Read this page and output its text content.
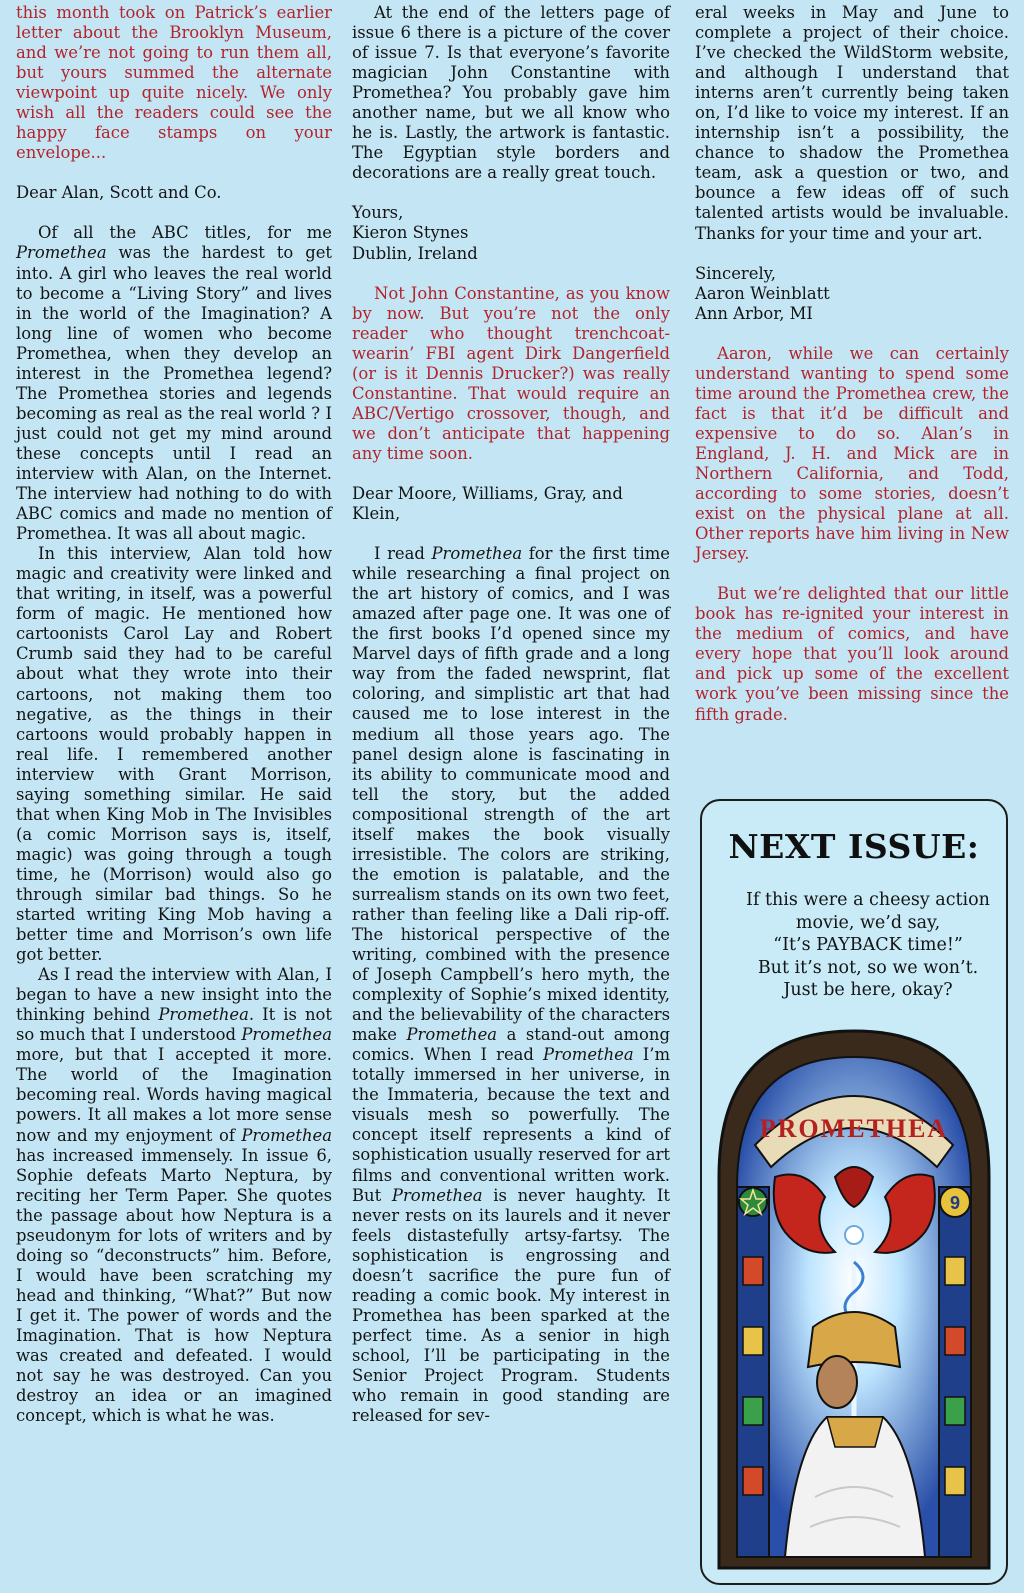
this month took on Patrick’s earlier letter about the Brooklyn Museum, and we’re not going to run them all, but yours summed the alternate viewpoint up quite nicely. We only wish all the readers could see the happy face stamps on your envelope...

Dear Alan, Scott and Co.

Of all the ABC titles, for me Promethea was the hardest to get into. A girl who leaves the real world to become a “Living Story” and lives in the world of the Imagination? A long line of women who become Promethea, when they develop an interest in the Promethea legend? The Promethea stories and legends becoming as real as the real world ? I just could not get my mind around these concepts until I read an interview with Alan, on the Internet. The interview had nothing to do with ABC comics and made no mention of Promethea. It was all about magic.

In this interview, Alan told how magic and creativity were linked and that writing, in itself, was a powerful form of magic. He mentioned how cartoonists Carol Lay and Robert Crumb said they had to be careful about what they wrote into their cartoons, not making them too negative, as the things in their cartoons would probably happen in real life. I remembered another interview with Grant Morrison, saying something similar. He said that when King Mob in The Invisibles (a comic Morrison says is, itself, magic) was going through a tough time, he (Morrison) would also go through similar bad things. So he started writing King Mob having a better time and Morrison’s own life got better.

As I read the interview with Alan, I began to have a new insight into the thinking behind Promethea. It is not so much that I understood Promethea more, but that I accepted it more. The world of the Imagination becoming real. Words having magical powers. It all makes a lot more sense now and my enjoyment of Promethea has increased immensely. In issue 6, Sophie defeats Marto Neptura, by reciting her Term Paper. She quotes the passage about how Neptura is a pseudonym for lots of writers and by doing so “deconstructs” him. Before, I would have been scratching my head and thinking, “What?” But now I get it. The power of words and the Imagination. That is how Neptura was created and defeated. I would not say he was destroyed. Can you destroy an idea or an imagined concept, which is what he was.

At the end of the letters page of issue 6 there is a picture of the cover of issue 7. Is that everyone’s favorite magician John Constantine with Promethea? You probably gave him another name, but we all know who he is. Lastly, the artwork is fantastic. The Egyptian style borders and decorations are a really great touch.

Yours,

Kieron Stynes

Dublin, Ireland

Not John Constantine, as you know by now. But you’re not the only reader who thought trenchcoat-wearin’ FBI agent Dirk Dangerfield (or is it Dennis Drucker?) was really Constantine. That would require an ABC/Vertigo crossover, though, and we don’t anticipate that happening any time soon.

Dear Moore, Williams, Gray, and Klein,

I read Promethea for the first time while researching a final project on the art history of comics, and I was amazed after page one. It was one of the first books I’d opened since my Marvel days of fifth grade and a long way from the faded newsprint, flat coloring, and simplistic art that had caused me to lose interest in the medium all those years ago. The panel design alone is fascinating in its ability to communicate mood and tell the story, but the added compositional strength of the art itself makes the book visually irresistible. The colors are striking, the emotion is palatable, and the surrealism stands on its own two feet, rather than feeling like a Dali rip-off. The historical perspective of the writing, combined with the presence of Joseph Campbell’s hero myth, the complexity of Sophie’s mixed identity, and the believability of the characters make Promethea a stand-out among comics. When I read Promethea I’m totally immersed in her universe, in the Immateria, because the text and visuals mesh so powerfully. The concept itself represents a kind of sophistication usually reserved for art films and conventional written work. But Promethea is never haughty. It never rests on its laurels and it never feels distastefully artsy-fartsy. The sophistication is engrossing and doesn’t sacrifice the pure fun of reading a comic book. My interest in Promethea has been sparked at the perfect time. As a senior in high school, I’ll be participating in the Senior Project Program. Students who remain in good standing are released for sev-

eral weeks in May and June to complete a project of their choice. I’ve checked the WildStorm website, and although I understand that interns aren’t currently being taken on, I’d like to voice my interest. If an internship isn’t a possibility, the chance to shadow the Promethea team, ask a question or two, and bounce a few ideas off of such talented artists would be invaluable. Thanks for your time and your art.

Sincerely,

Aaron Weinblatt

Ann Arbor, MI

Aaron, while we can certainly understand wanting to spend some time around the Promethea crew, the fact is that it’d be difficult and expensive to do so. Alan’s in England, J. H. and Mick are in Northern California, and Todd, according to some stories, doesn’t exist on the physical plane at all. Other reports have him living in New Jersey.

But we’re delighted that our little book has re-ignited your interest in the medium of comics, and have every hope that you’ll look around and pick up some of the excellent work you’ve been missing since the fifth grade.

NEXT ISSUE:

If this were a cheesy action movie, we’d say,

“It’s PAYBACK time!”

But it’s not, so we won’t.

Just be here, okay?

PROMETHEA
9
